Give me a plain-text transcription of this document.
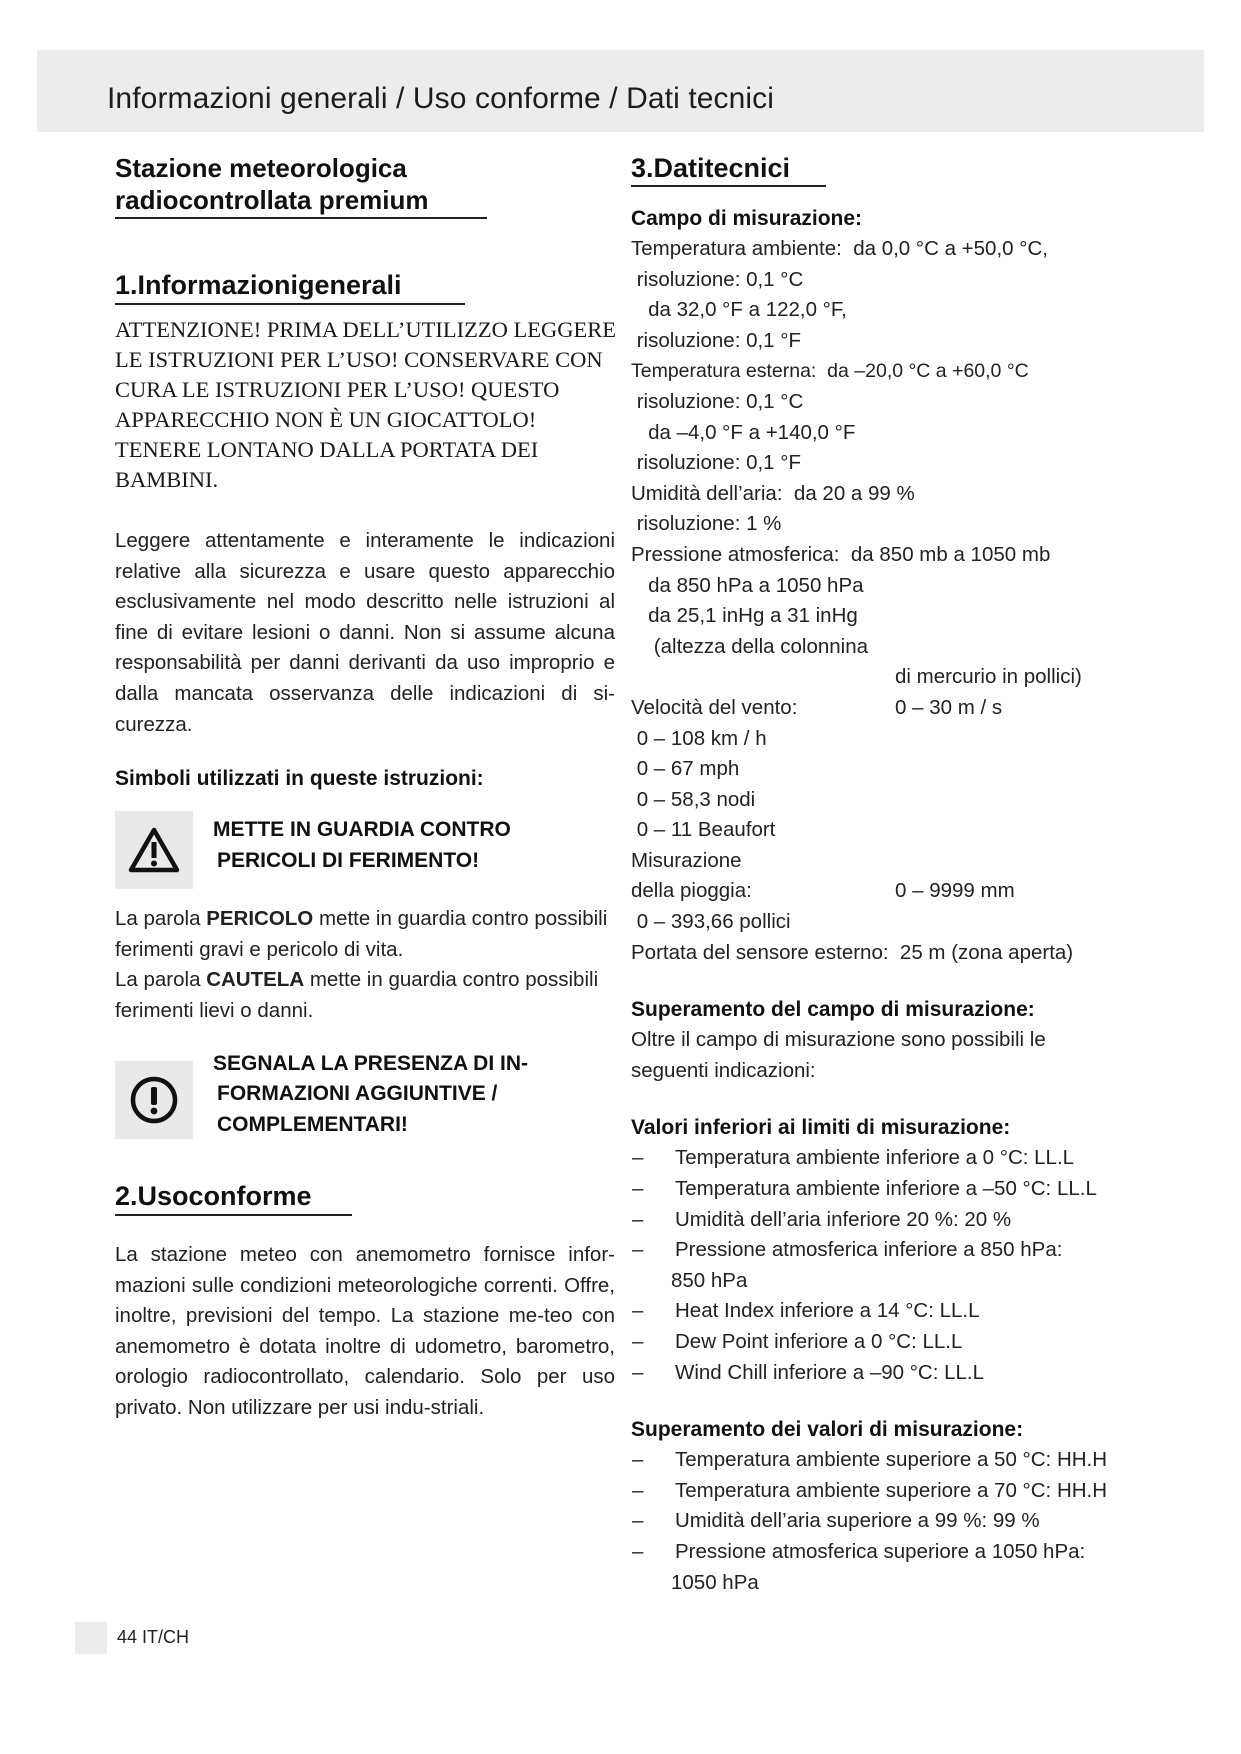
Informazioni generali / Uso conforme / Dati tecnici
Stazione meteorologica
radiocontrollata premium
1.Informazionigenerali
ATTENZIONE! PRIMA DELL’UTILIZZO LEGGERE
LE ISTRUZIONI PER L’USO! CONSERVARE CON
CURA LE ISTRUZIONI PER L’USO! QUESTO
APPARECCHIO NON È UN GIOCATTOLO!
TENERE LONTANO DALLA PORTATA DEI
BAMBINI.
Leggere attentamente e interamente le indicazioni relative alla sicurezza e usare questo apparecchio esclusivamente nel modo descritto nelle istruzioni al fine di evitare lesioni o danni. Non si assume alcuna responsabilità per danni derivanti da uso improprio e dalla mancata osservanza delle indicazioni di si-curezza.
Simboli utilizzati in queste istruzioni:
METTE IN GUARDIA CONTRO
PERICOLI DI FERIMENTO!
La parola PERICOLO mette in guardia contro possibili ferimenti gravi e pericolo di vita.
La parola CAUTELA mette in guardia contro possibili ferimenti lievi o danni.
SEGNALA LA PRESENZA DI IN-
FORMAZIONI AGGIUNTIVE /
COMPLEMENTARI!
2.Usoconforme
La stazione meteo con anemometro fornisce infor-mazioni sulle condizioni meteorologiche correnti. Offre, inoltre, previsioni del tempo. La stazione me-teo con anemometro è dotata inoltre di udometro, barometro, orologio radiocontrollato, calendario. Solo per uso privato. Non utilizzare per usi indu-striali.
3.Datitecnici
Campo di misurazione:
Temperatura ambiente:  da 0,0 °C a +50,0 °C,
risoluzione: 0,1 °C
da 32,0 °F a 122,0 °F,
risoluzione: 0,1 °F
Temperatura esterna:  da –20,0 °C a +60,0 °C
risoluzione: 0,1 °C
da –4,0 °F a +140,0 °F
risoluzione: 0,1 °F
Umidità dell’aria:  da 20 a 99 %
risoluzione: 1 %
Pressione atmosferica:  da 850 mb a 1050 mb
da 850 hPa a 1050 hPa
da 25,1 inHg a 31 inHg
(altezza della colonnina
di mercurio in pollici)
Velocità del vento:	0 – 30 m / s
0 – 108 km / h
0 – 67 mph
0 – 58,3 nodi
0 – 11 Beaufort
Misurazione
della pioggia:	0 – 9999 mm
0 – 393,66 pollici
Portata del sensore esterno:  25 m (zona aperta)
Superamento del campo di misurazione:
Oltre il campo di misurazione sono possibili le seguenti indicazioni:
Valori inferiori ai limiti di misurazione:
– Temperatura ambiente inferiore a 0 °C: LL.L
– Temperatura ambiente inferiore a –50 °C: LL.L
– Umidità dell’aria inferiore 20 %: 20 %
– Pressione atmosferica inferiore a 850 hPa:
850 hPa
– Heat Index inferiore a 14 °C: LL.L
– Dew Point inferiore a 0 °C: LL.L
– Wind Chill inferiore a –90 °C: LL.L
Superamento dei valori di misurazione:
– Temperatura ambiente superiore a 50 °C: HH.H
– Temperatura ambiente superiore a 70 °C: HH.H
– Umidità dell’aria superiore a 99 %: 99 %
– Pressione atmosferica superiore a 1050 hPa:
1050 hPa
44 IT/CH
